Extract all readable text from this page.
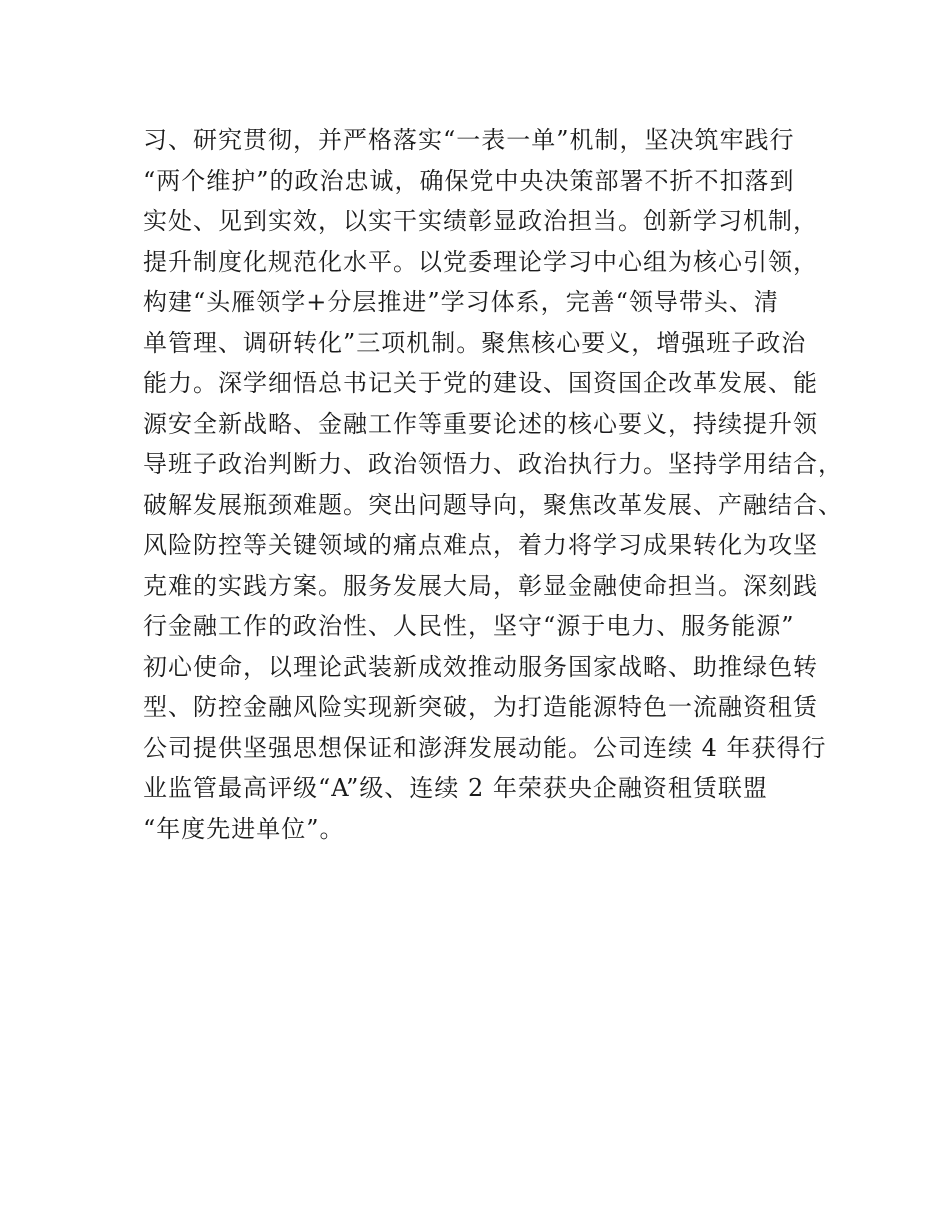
习、研究贯彻，并严格落实“一表一单”机制，坚决筑牢践行
“两个维护”的政治忠诚，确保党中央决策部署不折不扣落到
实处、见到实效，以实干实绩彰显政治担当。创新学习机制，
提升制度化规范化水平。以党委理论学习中心组为核心引领，
构建“头雁领学+分层推进”学习体系，完善“领导带头、清
单管理、调研转化”三项机制。聚焦核心要义，增强班子政治
能力。深学细悟总书记关于党的建设、国资国企改革发展、能
源安全新战略、金融工作等重要论述的核心要义，持续提升领
导班子政治判断力、政治领悟力、政治执行力。坚持学用结合，
破解发展瓶颈难题。突出问题导向，聚焦改革发展、产融结合、
风险防控等关键领域的痛点难点，着力将学习成果转化为攻坚
克难的实践方案。服务发展大局，彰显金融使命担当。深刻践
行金融工作的政治性、人民性，坚守“源于电力、服务能源”
初心使命，以理论武装新成效推动服务国家战略、助推绿色转
型、防控金融风险实现新突破，为打造能源特色一流融资租赁
公司提供坚强思想保证和澎湃发展动能。公司连续 4 年获得行
业监管最高评级“A”级、连续 2 年荣获央企融资租赁联盟
“年度先进单位”。
